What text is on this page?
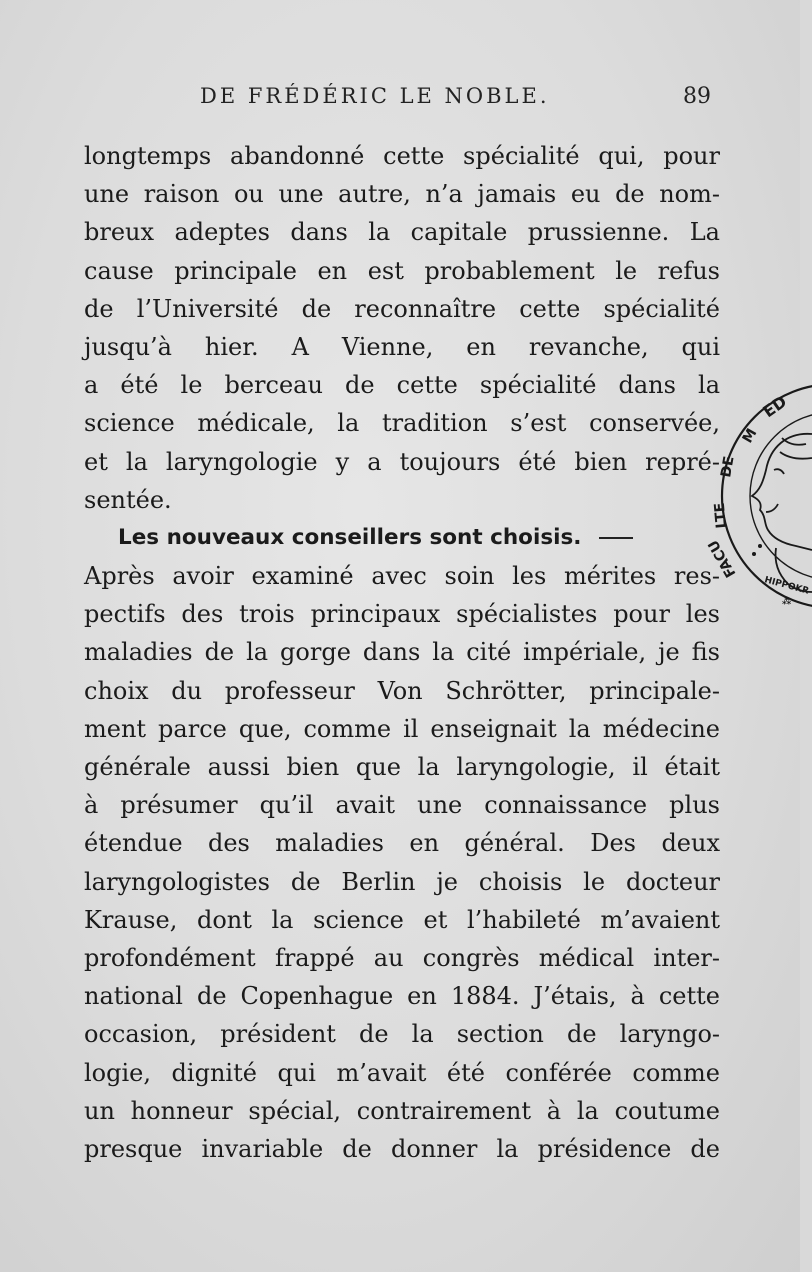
DE FRÉDÉRIC LE NOBLE.	89
longtemps abandonné cette spécialité qui, pour
une raison ou une autre, n’a jamais eu de nom-
breux adeptes dans la capitale prussienne. La
cause principale en est probablement le refus
de l’Université de reconnaître cette spécialité
jusqu’à hier. A Vienne, en revanche, qui
a été le berceau de cette spécialité dans la
science médicale, la tradition s’est conservée,
et la laryngologie y a toujours été bien repré-
sentée.
Les nouveaux conseillers sont choisis.
Après avoir examiné avec soin les mérites res-
pectifs des trois principaux spécialistes pour les
maladies de la gorge dans la cité impériale, je fis
choix du professeur Von Schrötter, principale-
ment parce que, comme il enseignait la médecine
générale aussi bien que la laryngologie, il était
à présumer qu’il avait une connaissance plus
étendue des maladies en général. Des deux
laryngologistes de Berlin je choisis le docteur
Krause, dont la science et l’habileté m’avaient
profondément frappé au congrès médical inter-
national de Copenhague en 1884. J’étais, à cette
occasion, président de la section de laryngo-
logie, dignité qui m’avait été conférée comme
un honneur spécial, contrairement à la coutume
presque invariable de donner la présidence de
ED
M
DE
LTE
FACU
HIPPOKR
⁂
